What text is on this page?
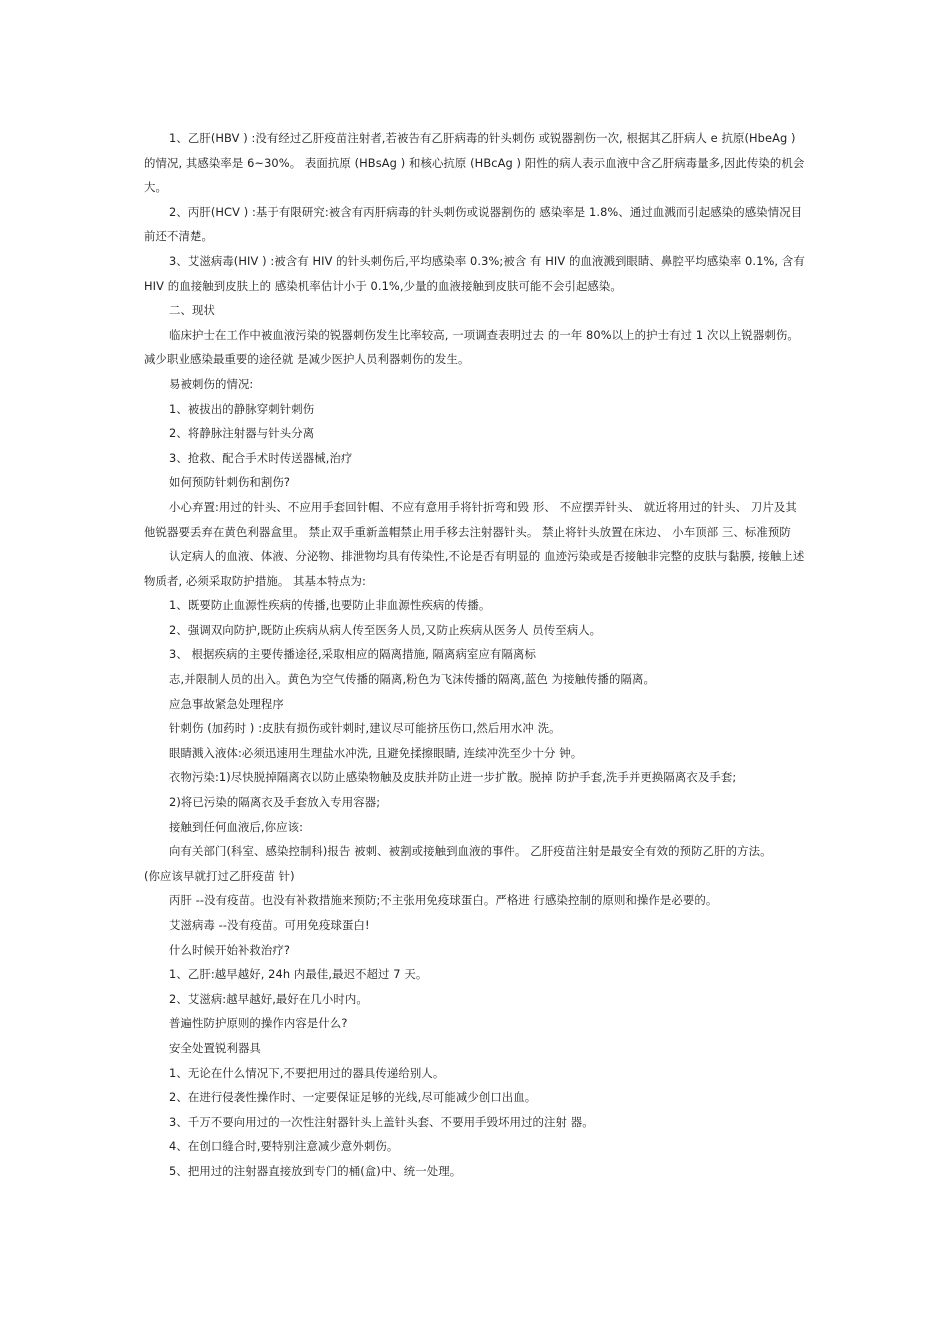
1、乙肝(HBV ) :没有经过乙肝疫苗注射者,若被告有乙肝病毒的针头刺伤 或锐器割伤一次, 根据其乙肝病人 e 抗原(HbeAg ) 的情况, 其感染率是 6~30%。 表面抗原 (HBsAg ) 和核心抗原 (HBcAg ) 阳性的病人表示血液中含乙肝病毒量多,因此传染的机会大。

2、丙肝(HCV ) :基于有限研究:被含有丙肝病毒的针头刺伤或说器割伤的 感染率是 1.8%、通过血溅而引起感染的感染情况目前还不清楚。

3、艾滋病毒(HIV ) :被含有 HIV 的针头刺伤后,平均感染率 0.3%;被含 有 HIV 的血液溅到眼睛、鼻腔平均感染率 0.1%, 含有 HIV 的血接触到皮肤上的 感染机率估计小于 0.1%,少量的血液接触到皮肤可能不会引起感染。

二、现状

临床护士在工作中被血液污染的锐器刺伤发生比率较高, 一项调查表明过去 的一年 80%以上的护士有过 1 次以上锐器刺伤。减少职业感染最重要的途径就 是减少医护人员利器刺伤的发生。

易被刺伤的情况:

1、被拔出的静脉穿刺针刺伤

2、将静脉注射器与针头分离

3、抢救、配合手术时传送器械,治疗

如何预防针刺伤和割伤?

小心弃置:用过的针头、不应用手套回针帽、不应有意用手将针折弯和毁 形、 不应摆弄针头、 就近将用过的针头、 刀片及其他锐器要丢弃在黄色利器盒里。 禁止双手重新盖帽禁止用手移去注射器针头。 禁止将针头放置在床边、 小车顶部 三、标准预防

认定病人的血液、体液、分泌物、排泄物均具有传染性,不论是否有明显的 血迹污染或是否接触非完整的皮肤与黏膜, 接触上述物质者, 必须采取防护措施。 其基本特点为:

1、既要防止血源性疾病的传播,也要防止非血源性疾病的传播。

2、强调双向防护,既防止疾病从病人传至医务人员,又防止疾病从医务人 员传至病人。

3、 根据疾病的主要传播途径,采取相应的隔离措施, 隔离病室应有隔离标

志,并限制人员的出入。黄色为空气传播的隔离,粉色为飞沫传播的隔离,蓝色 为接触传播的隔离。

应急事故紧急处理程序

针刺伤 (加药时 ) :皮肤有损伤或针刺时,建议尽可能挤压伤口,然后用水冲 洗。

眼睛溅入液体:必须迅速用生理盐水冲洗, 且避免揉擦眼睛, 连续冲洗至少十分 钟。

衣物污染:1)尽快脱掉隔离衣以防止感染物触及皮肤并防止进一步扩散。脱掉 防护手套,洗手并更换隔离衣及手套;

2)将已污染的隔离衣及手套放入专用容器;

接触到任何血液后,你应该:

向有关部门(科室、感染控制科)报告 被刺、被割或接触到血液的事件。 乙肝疫苗注射是最安全有效的预防乙肝的方法。

(你应该早就打过乙肝疫苗 针)

丙肝 --没有疫苗。也没有补救措施来预防;不主张用免疫球蛋白。严格进 行感染控制的原则和操作是必要的。

艾滋病毒 --没有疫苗。可用免疫球蛋白!

什么时候开始补救治疗?

1、乙肝:越早越好, 24h 内最佳,最迟不超过 7 天。

2、艾滋病:越早越好,最好在几小时内。

普遍性防护原则的操作内容是什么?

安全处置锐利器具

1、无论在什么情况下,不要把用过的器具传递给别人。

2、在进行侵袭性操作时、一定要保证足够的光线,尽可能减少创口出血。

3、千万不要向用过的一次性注射器针头上盖针头套、不要用手毁坏用过的注射 器。

4、在创口缝合时,要特别注意减少意外刺伤。

5、把用过的注射器直接放到专门的桶(盒)中、统一处理。
